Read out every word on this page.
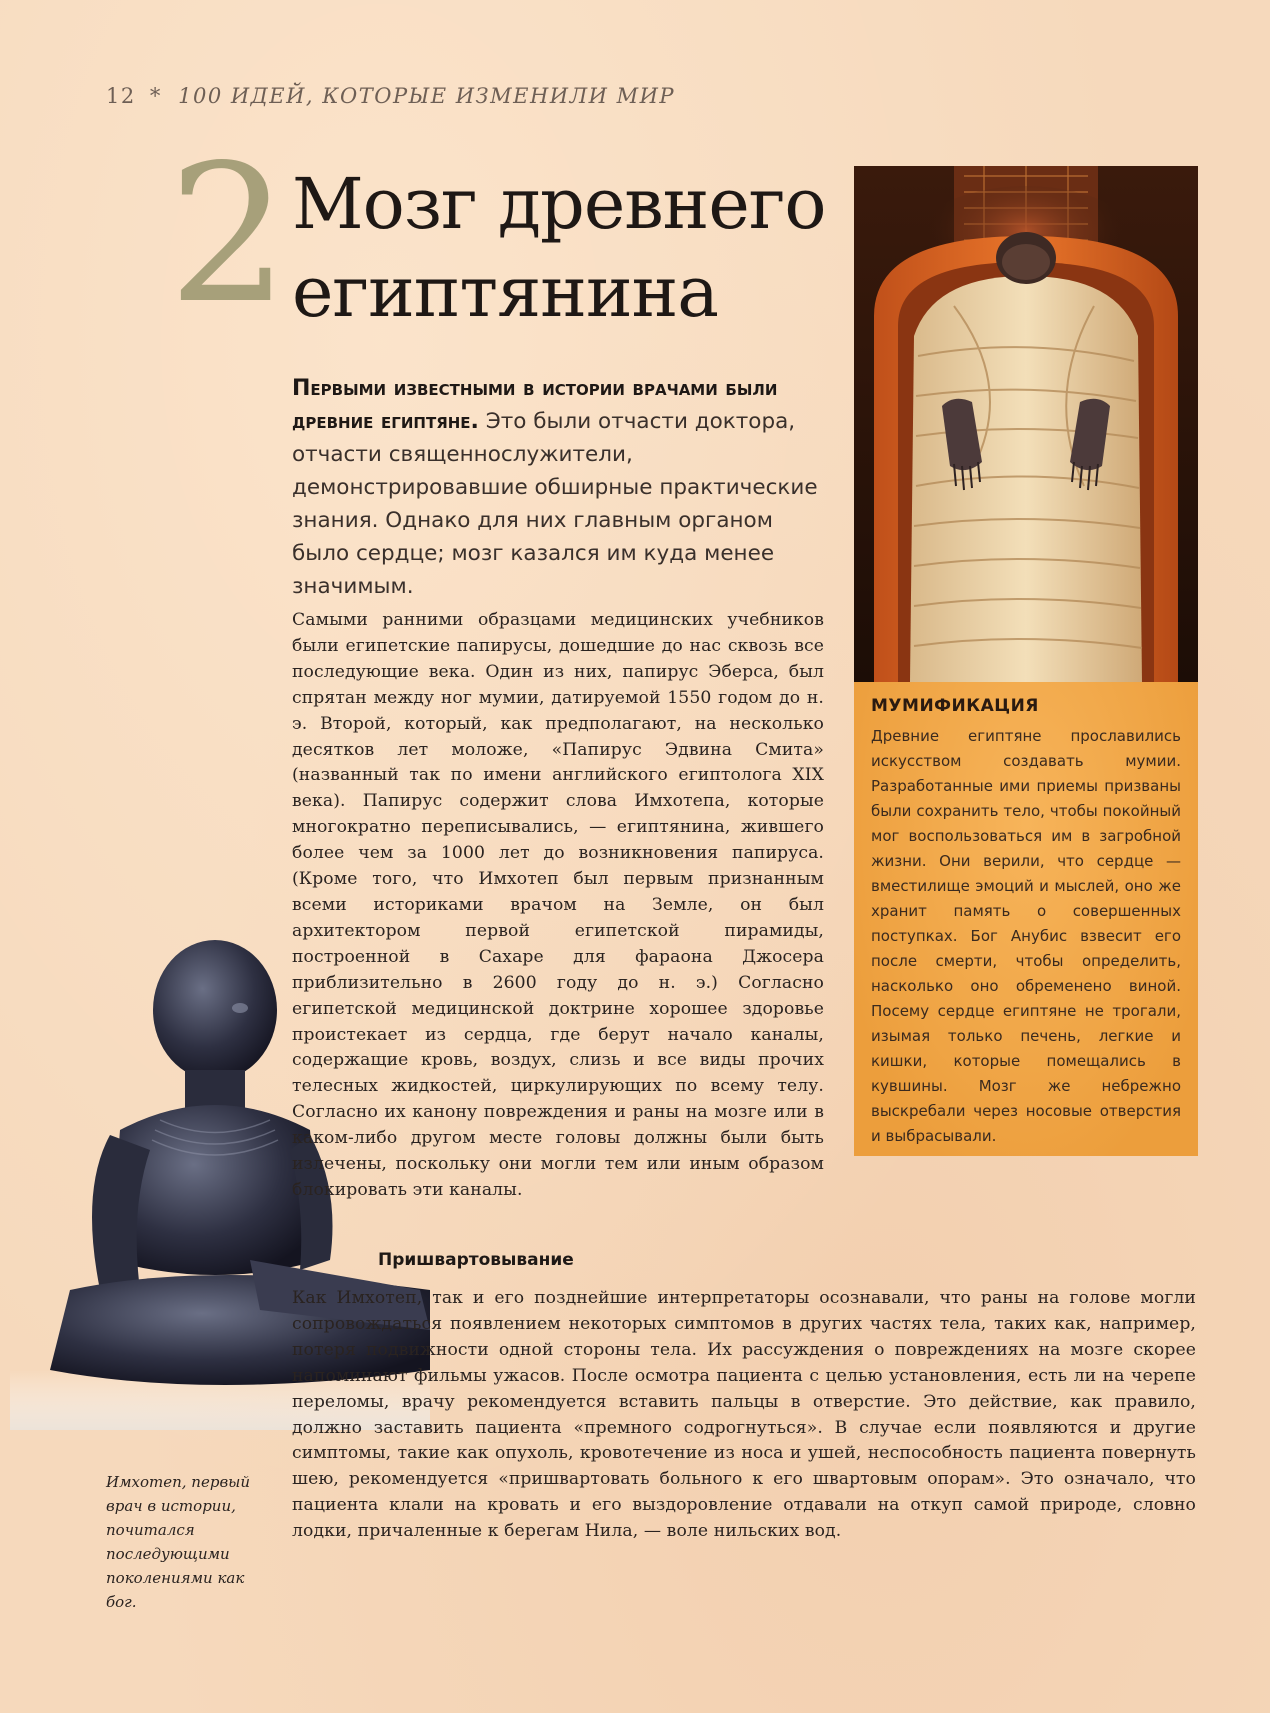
12 * 100 ИДЕЙ, КОТОРЫЕ ИЗМЕНИЛИ МИР
2 Мозг древнего
египтянина
Первыми известными в истории врачами были древние египтяне. Это были отчасти доктора, отчасти священнослужители, демонстрировавшие обширные практические знания. Однако для них главным органом было сердце; мозг казался им куда менее значимым.
МУМИФИКАЦИЯ
Древние египтяне прославились искусством создавать мумии. Разработанные ими приемы призваны были сохранить тело, чтобы покойный мог воспользоваться им в загробной жизни. Они верили, что сердце — вместилище эмоций и мыслей, оно же хранит память о совершенных поступках. Бог Анубис взвесит его после смерти, чтобы определить, насколько оно обременено виной. Посему сердце египтяне не трогали, изымая только печень, легкие и кишки, которые помещались в кувшины. Мозг же небрежно выскребали через носовые отверстия и выбрасывали.
Самыми ранними образцами медицинских учебников были египетские папирусы, дошедшие до нас сквозь все последующие века. Один из них, папирус Эберса, был спрятан между ног мумии, датируемой 1550 годом до н. э. Второй, который, как предполагают, на несколько десятков лет моложе, «Папирус Эдвина Смита» (названный так по имени английского египтолога XIX века). Папирус содержит слова Имхотепа, которые многократно переписывались, — египтянина, жившего более чем за 1000 лет до возникновения папируса. (Кроме того, что Имхотеп был первым признанным всеми историками врачом на Земле, он был архитектором первой египетской пирамиды, построенной в Сахаре для фараона Джосера приблизительно в 2600 году до н. э.) Согласно египетской медицинской доктрине хорошее здоровье проистекает из сердца, где берут начало каналы, содержащие кровь, воздух, слизь и все виды прочих телесных жидкостей, циркулирующих по всему телу. Согласно их канону повреждения и раны на мозге или в каком-либо другом месте головы должны были быть излечены, поскольку они могли тем или иным образом блокировать эти каналы.
Пришвартовывание
Как Имхотеп, так и его позднейшие интерпретаторы осознавали, что раны на голове могли сопровождаться появлением некоторых симптомов в других частях тела, таких как, например, потеря подвижности одной стороны тела. Их рассуждения о повреждениях на мозге скорее напоминают фильмы ужасов. После осмотра пациента с целью установления, есть ли на черепе переломы, врачу рекомендуется вставить пальцы в отверстие. Это действие, как правило, должно заставить пациента «премного содрогнуться». В случае если появляются и другие симптомы, такие как опухоль, кровотечение из носа и ушей, неспособность пациента повернуть шею, рекомендуется «пришвартовать больного к его швартовым опорам». Это означало, что пациента клали на кровать и его выздоровление отдавали на откуп самой природе, словно лодки, причаленные к берегам Нила, — воле нильских вод.
Имхотеп, первый врач в истории, почитался последующими поколениями как бог.
